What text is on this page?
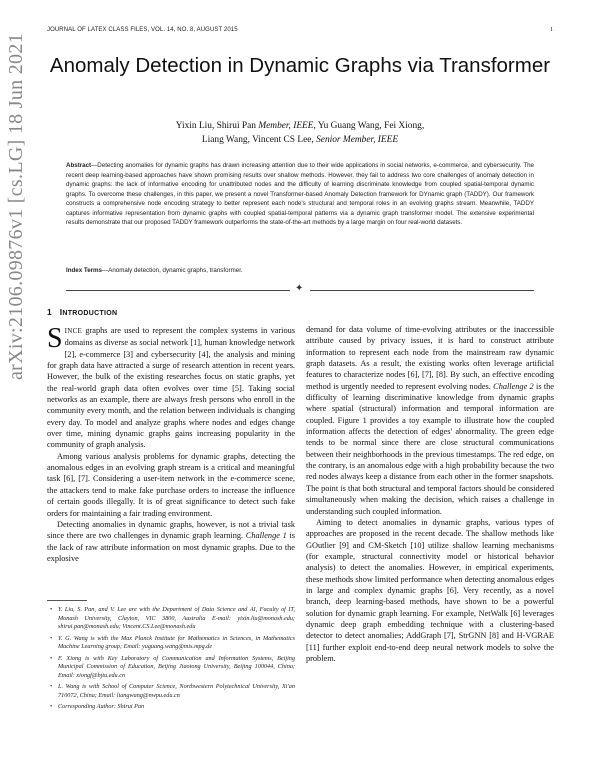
JOURNAL OF LATEX CLASS FILES, VOL. 14, NO. 8, AUGUST 2015	1
arXiv:2106.09876v1 [cs.LG] 18 Jun 2021 Anomaly Detection in Dynamic Graphs via Transformer
Yixin Liu, Shirui Pan Member, IEEE, Yu Guang Wang, Fei Xiong,
Liang Wang, Vincent CS Lee, Senior Member, IEEE
Abstract—Detecting anomalies for dynamic graphs has drawn increasing attention due to their wide applications in social networks, e-commerce, and cybersecurity. The recent deep learning-based approaches have shown promising results over shallow methods. However, they fail to address two core challenges of anomaly detection in dynamic graphs: the lack of informative encoding for unattributed nodes and the difficulty of learning discriminate knowledge from coupled spatial-temporal dynamic graphs. To overcome these challenges, in this paper, we present a novel Transformer-based Anomaly Detection framework for DYnamic graph (TADDY). Our framework constructs a comprehensive node encoding strategy to better represent each node's structural and temporal roles in an evolving graphs stream. Meanwhile, TADDY captures informative representation from dynamic graphs with coupled spatial-temporal patterns via a dynamic graph transformer model. The extensive experimental results demonstrate that our proposed TADDY framework outperforms the state-of-the-art methods by a large margin on four real-world datasets.
Index Terms—Anomaly detection, dynamic graphs, transformer.
✦
1 INTRODUCTION

SINCE graphs are used to represent the complex systems in various domains as diverse as social network [1], human knowledge network [2], e-commerce [3] and cybersecurity [4], the analysis and mining for graph data have attracted a surge of research attention in recent years. However, the bulk of the existing researches focus on static graphs, yet the real-world graph data often evolves over time [5]. Taking social networks as an example, there are always fresh persons who enroll in the community every month, and the relation between individuals is changing every day. To model and analyze graphs where nodes and edges change over time, mining dynamic graphs gains increasing popularity in the community of graph analysis.

Among various analysis problems for dynamic graphs, detecting the anomalous edges in an evolving graph stream is a critical and meaningful task [6], [7]. Considering a user-item network in the e-commerce scene, the attackers tend to make fake purchase orders to increase the influence of certain goods illegally. It is of great significance to detect such fake orders for maintaining a fair trading environment.

Detecting anomalies in dynamic graphs, however, is not a trivial task since there are two challenges in dynamic graph learning. Challenge 1 is the lack of raw attribute information on most dynamic graphs. Due to the explosive

• Y. Liu, S. Pan, and V. Lee are with the Department of Data Science and AI, Faculty of IT, Monash University, Clayton, VIC 3800, Australia E-mail: yixin.liu@monash.edu; shirui.pan@monash.edu; Vincent.CS.Lee@monash.edu
• Y. G. Wang is with the Max Planck Institute for Mathematics in Sciences, in Mathematics Machine Learning group; Email: yuguang.wang@mis.mpg.de
• F. Xiong is with Key Laboratory of Communication and Information Systems, Beijing Municipal Commission of Education, Beijing Jiaotong University, Beijing 100044, China; Email: xiongf@bjtu.edu.cn
• L. Wang is with School of Computer Science, Northwestern Polytechnical University, Xi'an 710072, China; Email: liangwang@nwpu.edu.cn
• Corresponding Author: Shirui Pan

demand for data volume of time-evolving attributes or the inaccessible attribute caused by privacy issues, it is hard to construct attribute information to represent each node from the mainstream raw dynamic graph datasets. As a result, the existing works often leverage artificial features to characterize nodes [6], [7], [8]. By such, an effective encoding method is urgently needed to represent evolving nodes. Challenge 2 is the difficulty of learning discriminative knowledge from dynamic graphs where spatial (structural) information and temporal information are coupled. Figure 1 provides a toy example to illustrate how the coupled information affects the detection of edges' abnormality. The green edge tends to be normal since there are close structural communications between their neighborhoods in the previous timestamps. The red edge, on the contrary, is an anomalous edge with a high probability because the two red nodes always keep a distance from each other in the former snapshots. The point is that both structural and temporal factors should be considered simultaneously when making the decision, which raises a challenge in understanding such coupled information.

Aiming to detect anomalies in dynamic graphs, various types of approaches are proposed in the recent decade. The shallow methods like GOutlier [9] and CM-Sketch [10] utilize shallow learning mechanisms (for example, structural connectivity model or historical behavior analysis) to detect the anomalies. However, in empirical experiments, these methods show limited performance when detecting anomalous edges in large and complex dynamic graphs [6]. Very recently, as a novel branch, deep learning-based methods, have shown to be a powerful solution for dynamic graph learning. For example, NetWalk [6] leverages dynamic deep graph embedding technique with a clustering-based detector to detect anomalies; AddGraph [7], StrGNN [8] and H-VGRAE [11] further exploit end-to-end deep neural network models to solve the problem.
